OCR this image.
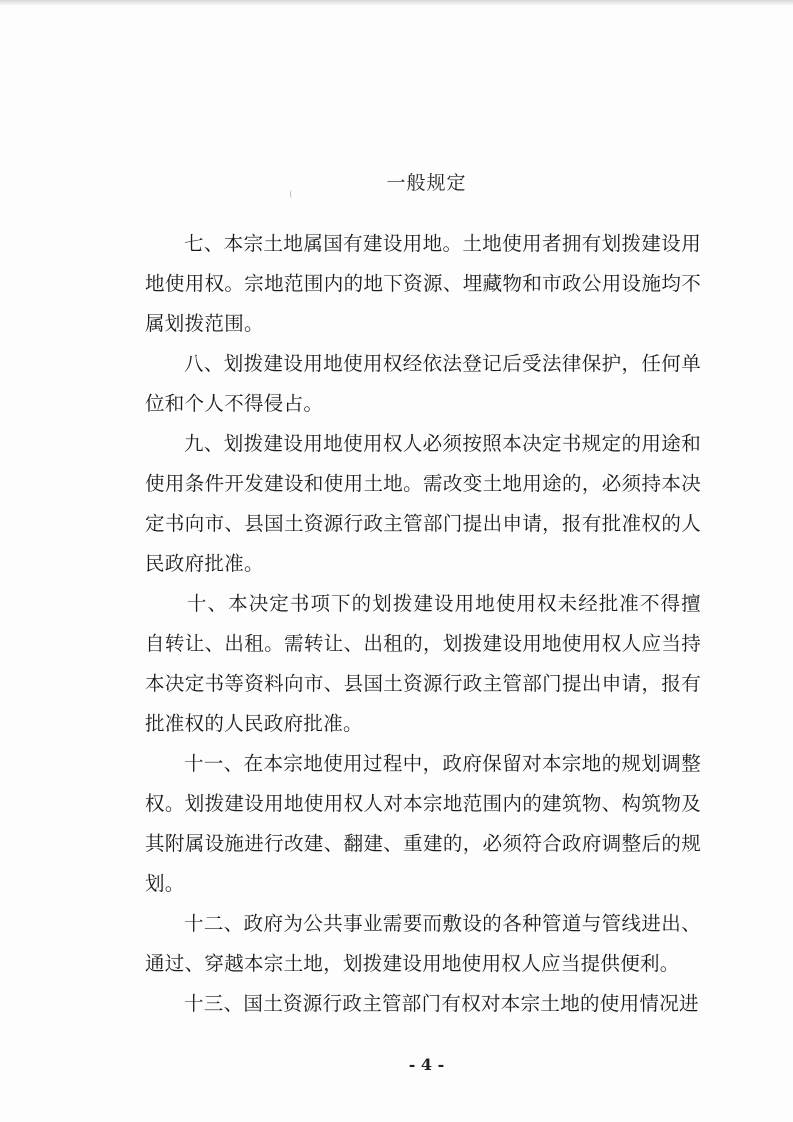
一般规定

七、本宗土地属国有建设用地。土地使用者拥有划拨建设用地使用权。宗地范围内的地下资源、埋藏物和市政公用设施均不属划拨范围。

八、划拨建设用地使用权经依法登记后受法律保护，任何单位和个人不得侵占。

九、划拨建设用地使用权人必须按照本决定书规定的用途和使用条件开发建设和使用土地。需改变土地用途的，必须持本决定书向市、县国土资源行政主管部门提出申请，报有批准权的人民政府批准。

十、本决定书项下的划拨建设用地使用权未经批准不得擅自转让、出租。需转让、出租的，划拨建设用地使用权人应当持本决定书等资料向市、县国土资源行政主管部门提出申请，报有批准权的人民政府批准。

十一、在本宗地使用过程中，政府保留对本宗地的规划调整权。划拨建设用地使用权人对本宗地范围内的建筑物、构筑物及其附属设施进行改建、翻建、重建的，必须符合政府调整后的规划。

十二、政府为公共事业需要而敷设的各种管道与管线进出、通过、穿越本宗土地，划拨建设用地使用权人应当提供便利。

十三、国土资源行政主管部门有权对本宗土地的使用情况进

- 4 -
